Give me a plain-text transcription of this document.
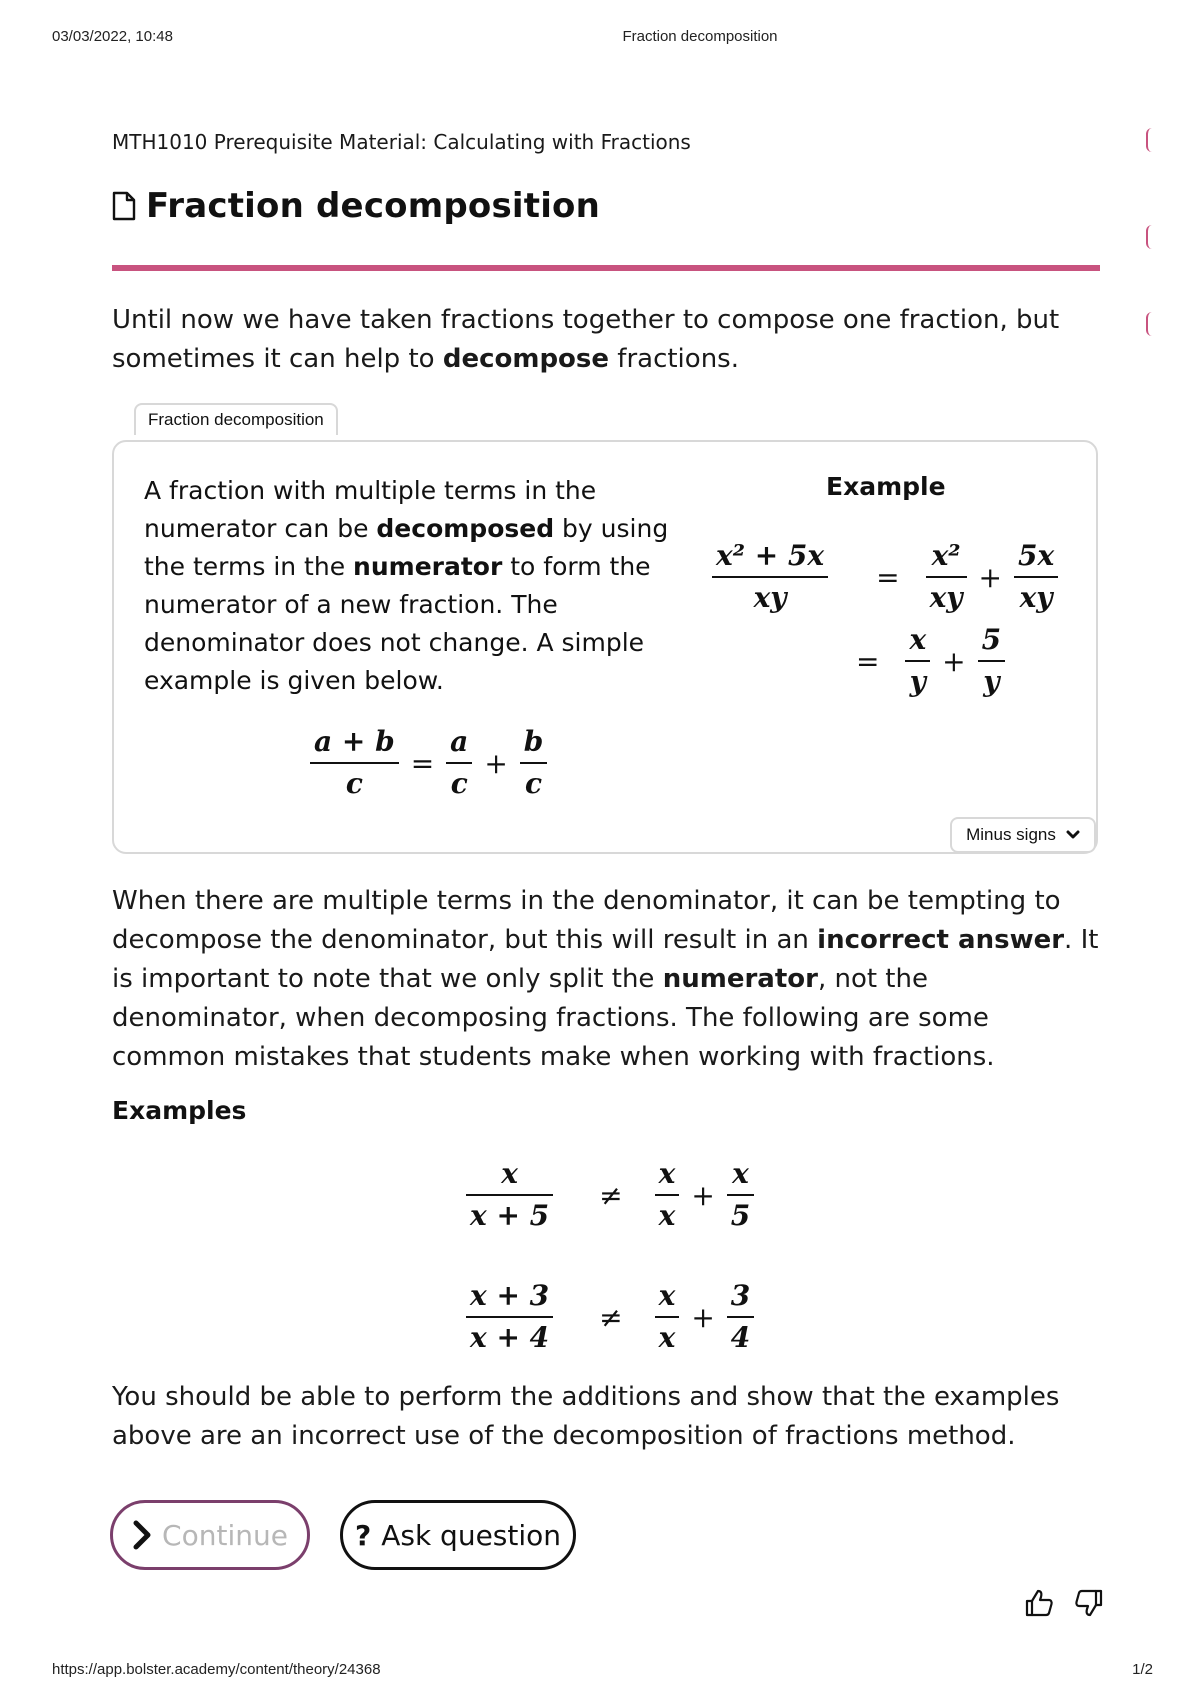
03/03/2022, 10:48	Fraction decomposition
MTH1010 Prerequisite Material: Calculating with Fractions
Fraction decomposition
Until now we have taken fractions together to compose one fraction, but sometimes it can help to decompose fractions.
Fraction decomposition
A fraction with multiple terms in the numerator can be decomposed by using the terms in the numerator to form the numerator of a new fraction. The denominator does not change. A simple example is given below.
Example
$\frac{a + b}{c} = \frac{a}{c} + \frac{b}{c}$
$\frac{\text{x² + 5x}}{xy} = \frac{\text{x²}}{xy} + \frac{5x}{xy}$
= $\frac{x}{y} + \frac{5}{y}$
Minus signs
When there are multiple terms in the denominator, it can be tempting to decompose the denominator, but this will result in an incorrect answer. It is important to note that we only split the numerator, not the denominator, when decomposing fractions. The following are some common mistakes that students make when working with fractions.
Examples
$\frac{x}{x + 5} \ne \frac{x}{x} + \frac{x}{5}$
$\frac{x + 3}{x + 4} \ne \frac{x}{x} + \frac{3}{4}$
You should be able to perform the additions and show that the examples above are an incorrect use of the decomposition of fractions method.
Continue ? Ask question
https://app.bolster.academy/content/theory/24368	1/2
